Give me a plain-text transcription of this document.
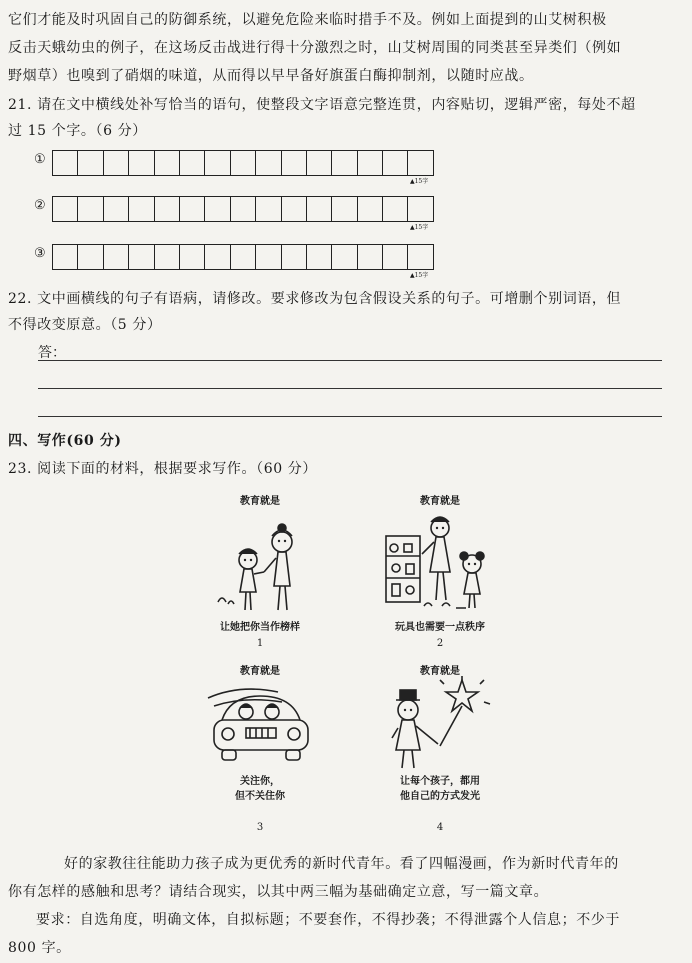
它们才能及时巩固自己的防御系统，以避免危险来临时措手不及。例如上面提到的山艾树积极
反击天蛾幼虫的例子，在这场反击战进行得十分激烈之时，山艾树周围的同类甚至异类们（例如
野烟草）也嗅到了硝烟的味道，从而得以早早备好旗蛋白酶抑制剂，以随时应战。
21. 请在文中横线处补写恰当的语句，使整段文字语意完整连贯，内容贴切，逻辑严密，每处不超
过 15 个字。（6 分）
①
▲15字
②
▲15字
③
▲15字
22. 文中画横线的句子有语病，请修改。要求修改为包含假设关系的句子。可增删个别词语，但
不得改变原意。（5 分）
答：
四、写作(60 分)
23. 阅读下面的材料，根据要求写作。（60 分）
教育就是
让她把你当作榜样
1
教育就是
玩具也需要一点秩序
2
教育就是
关注你，
但不关住你
3
教育就是
让每个孩子，都用
他自己的方式发光
4
好的家教往往能助力孩子成为更优秀的新时代青年。看了四幅漫画，作为新时代青年的
你有怎样的感触和思考？请结合现实，以其中两三幅为基础确定立意，写一篇文章。
要求：自选角度，明确文体，自拟标题；不要套作，不得抄袭；不得泄露个人信息；不少于
800 字。
